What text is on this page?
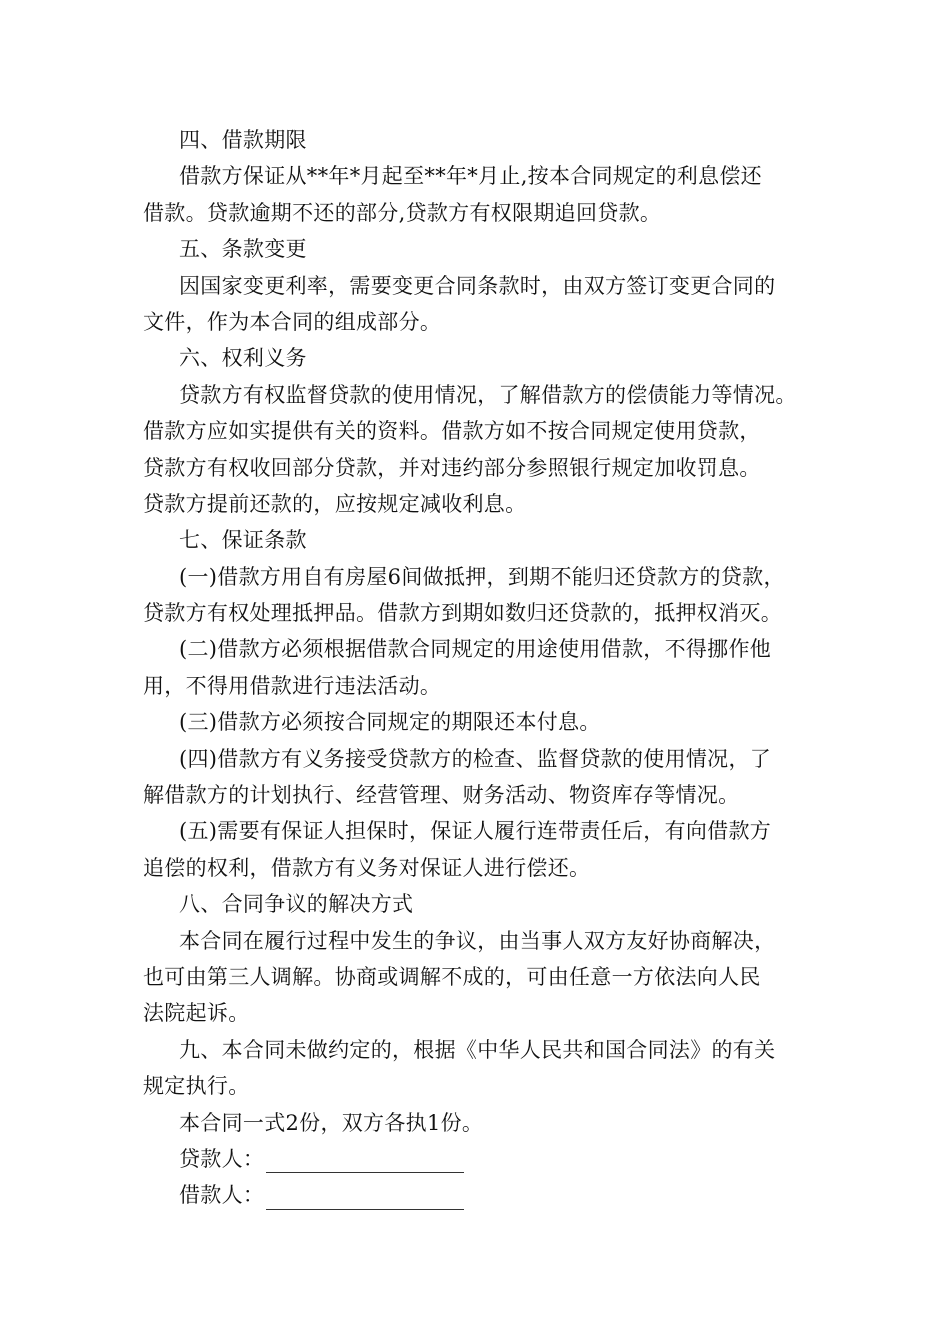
四、借款期限
借款方保证从**年*月起至**年*月止,按本合同规定的利息偿还
借款。贷款逾期不还的部分,贷款方有权限期追回贷款。
五、条款变更
因国家变更利率，需要变更合同条款时，由双方签订变更合同的
文件，作为本合同的组成部分。
六、权利义务
贷款方有权监督贷款的使用情况，了解借款方的偿债能力等情况。
借款方应如实提供有关的资料。借款方如不按合同规定使用贷款，
贷款方有权收回部分贷款，并对违约部分参照银行规定加收罚息。
贷款方提前还款的，应按规定减收利息。
七、保证条款
(一)借款方用自有房屋6间做抵押，到期不能归还贷款方的贷款，
贷款方有权处理抵押品。借款方到期如数归还贷款的，抵押权消灭。
(二)借款方必须根据借款合同规定的用途使用借款，不得挪作他
用，不得用借款进行违法活动。
(三)借款方必须按合同规定的期限还本付息。
(四)借款方有义务接受贷款方的检查、监督贷款的使用情况，了
解借款方的计划执行、经营管理、财务活动、物资库存等情况。
(五)需要有保证人担保时，保证人履行连带责任后，有向借款方
追偿的权利，借款方有义务对保证人进行偿还。
八、合同争议的解决方式
本合同在履行过程中发生的争议，由当事人双方友好协商解决，
也可由第三人调解。协商或调解不成的，可由任意一方依法向人民
法院起诉。
九、本合同未做约定的，根据《中华人民共和国合同法》的有关
规定执行。
本合同一式2份，双方各执1份。
贷款人：
借款人：
